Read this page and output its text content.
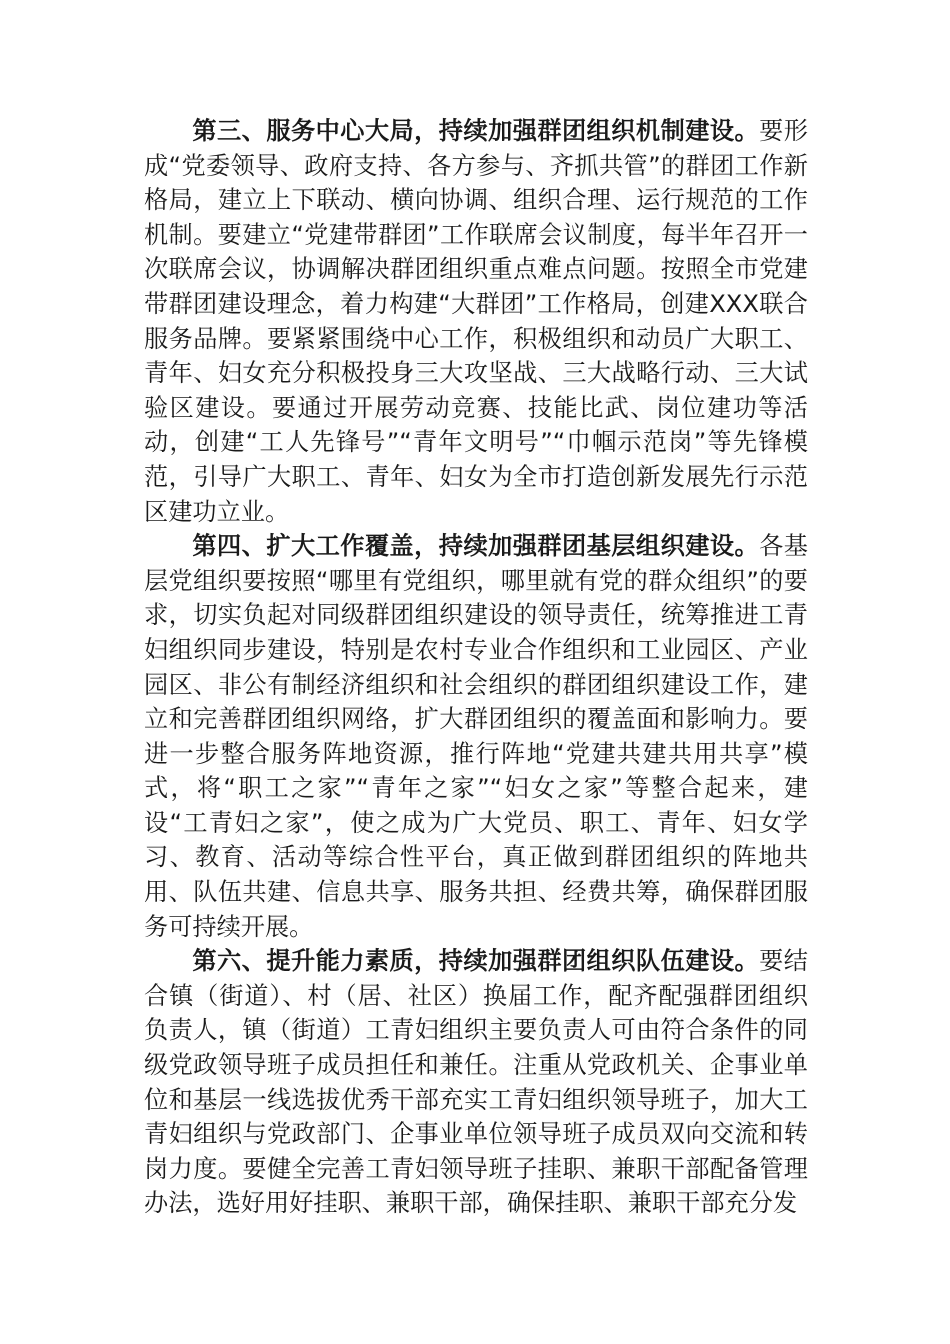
第三、服务中心大局，持续加强群团组织机制建设。要形成“党委领导、政府支持、各方参与、齐抓共管”的群团工作新格局，建立上下联动、横向协调、组织合理、运行规范的工作机制。要建立“党建带群团”工作联席会议制度，每半年召开一次联席会议，协调解决群团组织重点难点问题。按照全市党建带群团建设理念，着力构建“大群团”工作格局，创建XXX联合服务品牌。要紧紧围绕中心工作，积极组织和动员广大职工、青年、妇女充分积极投身三大攻坚战、三大战略行动、三大试验区建设。要通过开展劳动竞赛、技能比武、岗位建功等活动，创建“工人先锋号”“青年文明号”“巾帼示范岗”等先锋模范，引导广大职工、青年、妇女为全市打造创新发展先行示范区建功立业。

第四、扩大工作覆盖，持续加强群团基层组织建设。各基层党组织要按照“哪里有党组织，哪里就有党的群众组织”的要求，切实负起对同级群团组织建设的领导责任，统筹推进工青妇组织同步建设，特别是农村专业合作组织和工业园区、产业园区、非公有制经济组织和社会组织的群团组织建设工作，建立和完善群团组织网络，扩大群团组织的覆盖面和影响力。要进一步整合服务阵地资源，推行阵地“党建共建共用共享”模式，将“职工之家”“青年之家”“妇女之家”等整合起来，建设“工青妇之家”，使之成为广大党员、职工、青年、妇女学习、教育、活动等综合性平台，真正做到群团组织的阵地共用、队伍共建、信息共享、服务共担、经费共筹，确保群团服务可持续开展。

第六、提升能力素质，持续加强群团组织队伍建设。要结合镇（街道）、村（居、社区）换届工作，配齐配强群团组织负责人，镇（街道）工青妇组织主要负责人可由符合条件的同级党政领导班子成员担任和兼任。注重从党政机关、企事业单位和基层一线选拔优秀干部充实工青妇组织领导班子，加大工青妇组织与党政部门、企事业单位领导班子成员双向交流和转岗力度。要健全完善工青妇领导班子挂职、兼职干部配备管理办法，选好用好挂职、兼职干部，确保挂职、兼职干部充分发
